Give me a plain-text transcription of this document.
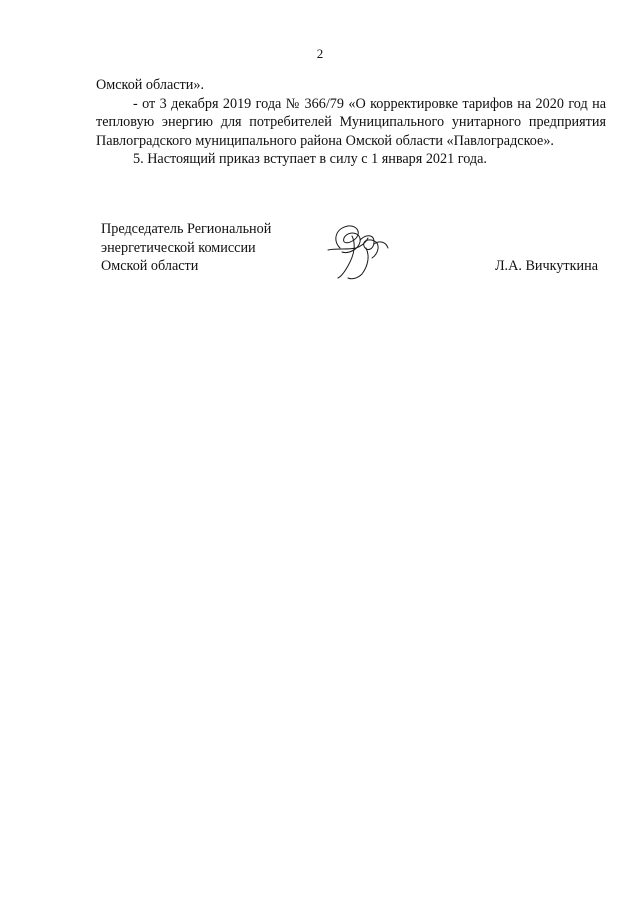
2

Омской области».

- от 3 декабря 2019 года № 366/79 «О корректировке тарифов на 2020 год на тепловую энергию для потребителей Муниципального унитарного предприятия Павлоградского муниципального района Омской области «Павлоградское».

5. Настоящий приказ вступает в силу с 1 января 2021 года.

Председатель Региональной
энергетической комиссии
Омской области	Л.А. Вичкуткина
